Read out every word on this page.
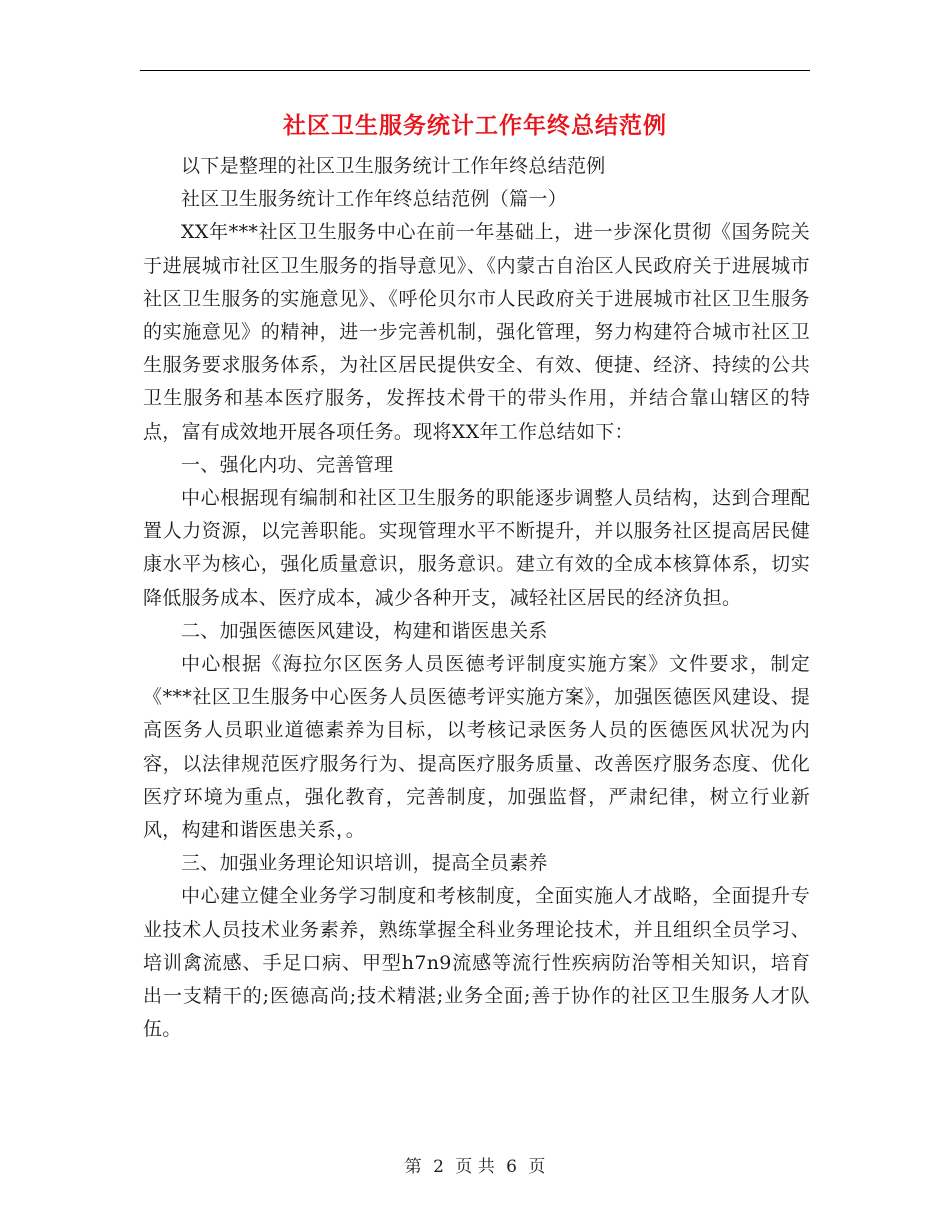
社区卫生服务统计工作年终总结范例

以下是整理的社区卫生服务统计工作年终总结范例

社区卫生服务统计工作年终总结范例（篇一）

XX年***社区卫生服务中心在前一年基础上，进一步深化贯彻《国务院关于进展城市社区卫生服务的指导意见》、《内蒙古自治区人民政府关于进展城市社区卫生服务的实施意见》、《呼伦贝尔市人民政府关于进展城市社区卫生服务的实施意见》的精神，进一步完善机制，强化管理，努力构建符合城市社区卫生服务要求服务体系，为社区居民提供安全、有效、便捷、经济、持续的公共卫生服务和基本医疗服务，发挥技术骨干的带头作用，并结合靠山辖区的特点，富有成效地开展各项任务。现将XX年工作总结如下：

一、强化内功、完善管理

中心根据现有编制和社区卫生服务的职能逐步调整人员结构，达到合理配置人力资源，以完善职能。实现管理水平不断提升，并以服务社区提高居民健康水平为核心，强化质量意识，服务意识。建立有效的全成本核算体系，切实降低服务成本、医疗成本，减少各种开支，减轻社区居民的经济负担。

二、加强医德医风建设，构建和谐医患关系

中心根据《海拉尔区医务人员医德考评制度实施方案》文件要求，制定《***社区卫生服务中心医务人员医德考评实施方案》，加强医德医风建设、提高医务人员职业道德素养为目标，以考核记录医务人员的医德医风状况为内容，以法律规范医疗服务行为、提高医疗服务质量、改善医疗服务态度、优化医疗环境为重点，强化教育，完善制度，加强监督，严肃纪律，树立行业新风，构建和谐医患关系，。

三、加强业务理论知识培训，提高全员素养

中心建立健全业务学习制度和考核制度，全面实施人才战略，全面提升专业技术人员技术业务素养，熟练掌握全科业务理论技术，并且组织全员学习、培训禽流感、手足口病、甲型h7n9流感等流行性疾病防治等相关知识，培育出一支精干的;医德高尚;技术精湛;业务全面;善于协作的社区卫生服务人才队伍。

第 2 页 共 6 页
